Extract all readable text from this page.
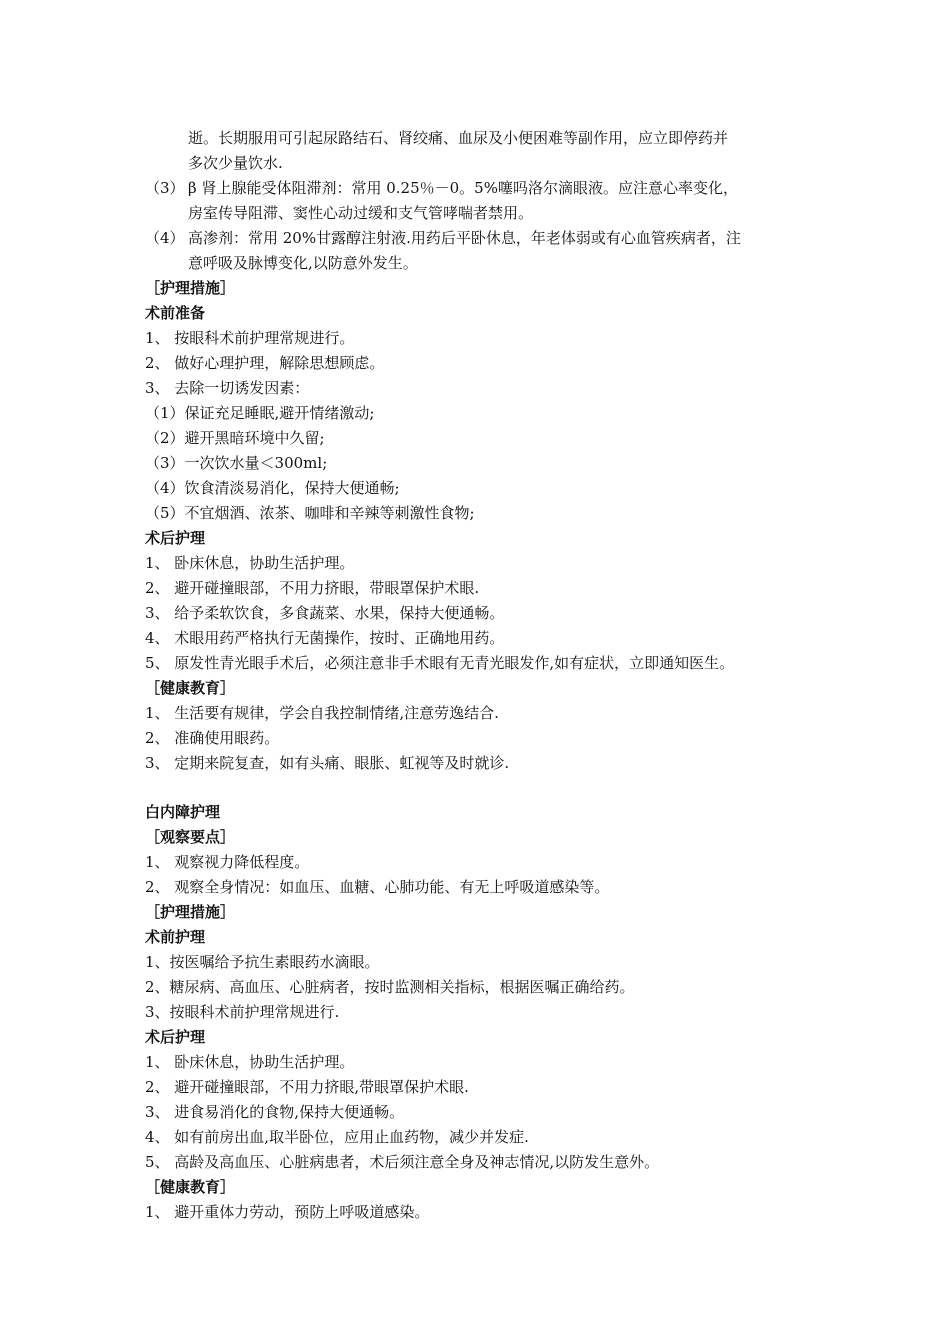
逝。长期服用可引起尿路结石、肾绞痛、血尿及小便困难等副作用，应立即停药并
多次少量饮水.
（3） β 肾上腺能受体阻滞剂：常用 0.25％－0。5%噻吗洛尔滴眼液。应注意心率变化，
房室传导阻滞、窦性心动过缓和支气管哮喘者禁用。
（4） 高渗剂：常用 20%甘露醇注射液.用药后平卧休息，年老体弱或有心血管疾病者，注
意呼吸及脉博变化,以防意外发生。
［护理措施］
术前准备
1、 按眼科术前护理常规进行。
2、 做好心理护理，解除思想顾虑。
3、 去除一切诱发因素：
（1）保证充足睡眠,避开情绪激动;
（2）避开黑暗环境中久留;
（3）一次饮水量＜300ml;
（4）饮食清淡易消化，保持大便通畅;
（5）不宜烟酒、浓茶、咖啡和辛辣等刺激性食物;
术后护理
1、 卧床休息，协助生活护理。
2、 避开碰撞眼部，不用力挤眼，带眼罩保护术眼.
3、 给予柔软饮食，多食蔬菜、水果，保持大便通畅。
4、 术眼用药严格执行无菌操作，按时、正确地用药。
5、 原发性青光眼手术后，必须注意非手术眼有无青光眼发作,如有症状，立即通知医生。
［健康教育］
1、 生活要有规律，学会自我控制情绪,注意劳逸结合.
2、 准确使用眼药。
3、 定期来院复查，如有头痛、眼胀、虹视等及时就诊.
白内障护理
［观察要点］
1、 观察视力降低程度。
2、 观察全身情况：如血压、血糖、心肺功能、有无上呼吸道感染等。
［护理措施］
术前护理
1、按医嘱给予抗生素眼药水滴眼。
2、糖尿病、高血压、心脏病者，按时监测相关指标，根据医嘱正确给药。
3、按眼科术前护理常规进行.
术后护理
1、 卧床休息，协助生活护理。
2、 避开碰撞眼部，不用力挤眼,带眼罩保护术眼.
3、 进食易消化的食物,保持大便通畅。
4、 如有前房出血,取半卧位，应用止血药物，减少并发症.
5、 高龄及高血压、心脏病患者，术后须注意全身及神志情况,以防发生意外。
［健康教育］
1、 避开重体力劳动，预防上呼吸道感染。
